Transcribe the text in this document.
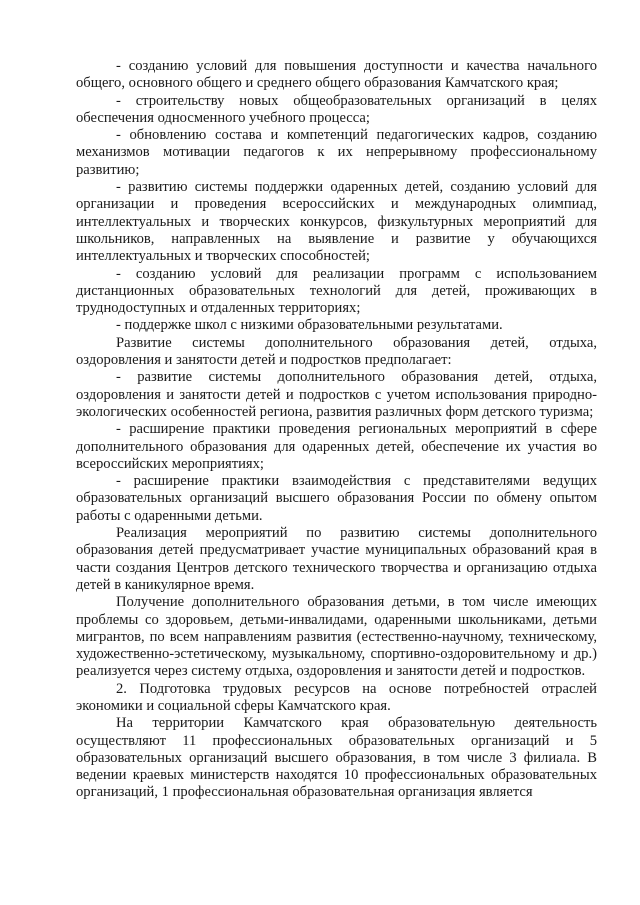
- созданию условий для повышения доступности и качества начального общего, основного общего и среднего общего образования Камчатского края;

- строительству новых общеобразовательных организаций в целях обеспечения односменного учебного процесса;

- обновлению состава и компетенций педагогических кадров, созданию механизмов мотивации педагогов к их непрерывному профессиональному развитию;

- развитию системы поддержки одаренных детей, созданию условий для организации и проведения всероссийских и международных олимпиад, интеллектуальных и творческих конкурсов, физкультурных мероприятий для школьников, направленных на выявление и развитие у обучающихся интеллектуальных и творческих способностей;

- созданию условий для реализации программ с использованием дистанционных образовательных технологий для детей, проживающих в труднодоступных и отдаленных территориях;

- поддержке школ с низкими образовательными результатами.

Развитие системы дополнительного образования детей, отдыха, оздоровления и занятости детей и подростков предполагает:

- развитие системы дополнительного образования детей, отдыха, оздоровления и занятости детей и подростков с учетом использования природно-экологических особенностей региона, развития различных форм детского туризма;

- расширение практики проведения региональных мероприятий в сфере дополнительного образования для одаренных детей, обеспечение их участия во всероссийских мероприятиях;

- расширение практики взаимодействия с представителями ведущих образовательных организаций высшего образования России по обмену опытом работы с одаренными детьми.

Реализация мероприятий по развитию системы дополнительного образования детей предусматривает участие муниципальных образований края в части создания Центров детского технического творчества и организацию отдыха детей в каникулярное время.

Получение дополнительного образования детьми, в том числе имеющих проблемы со здоровьем, детьми-инвалидами, одаренными школьниками, детьми мигрантов, по всем направлениям развития (естественно-научному, техническому, художественно-эстетическому, музыкальному, спортивно-оздоровительному и др.) реализуется через систему отдыха, оздоровления и занятости детей и подростков.

2. Подготовка трудовых ресурсов на основе потребностей отраслей экономики и социальной сферы Камчатского края.

На территории Камчатского края образовательную деятельность осуществляют 11 профессиональных образовательных организаций и 5 образовательных организаций высшего образования, в том числе 3 филиала. В ведении краевых министерств находятся 10 профессиональных образовательных организаций, 1 профессиональная образовательная организация является
